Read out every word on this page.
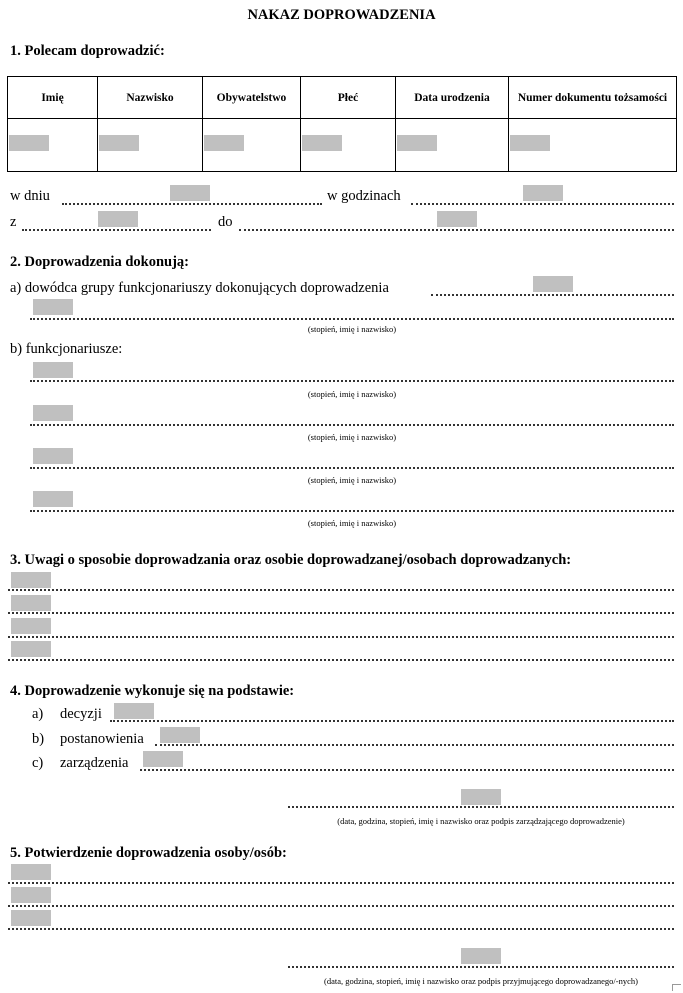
NAKAZ DOPROWADZENIA
1. Polecam doprowadzić:
Imię	Nazwisko	Obywatelstwo	Płeć	Data urodzenia	Numer dokumentu tożsamości

w dniu	w godzinach
z	do
2. Doprowadzenia dokonują:
a) dowódca grupy funkcjonariuszy dokonujących doprowadzenia
(stopień, imię i nazwisko)
b) funkcjonariusze:
(stopień, imię i nazwisko)
(stopień, imię i nazwisko)
(stopień, imię i nazwisko)
(stopień, imię i nazwisko)
3. Uwagi o sposobie doprowadzania oraz osobie doprowadzanej/osobach doprowadzanych:
4. Doprowadzenie wykonuje się na podstawie:
a) decyzji
b) postanowienia
c) zarządzenia
(data, godzina, stopień, imię i nazwisko oraz podpis zarządzającego doprowadzenie)
5. Potwierdzenie doprowadzenia osoby/osób:
(data, godzina, stopień, imię i nazwisko oraz podpis przyjmującego doprowadzanego/-nych)
